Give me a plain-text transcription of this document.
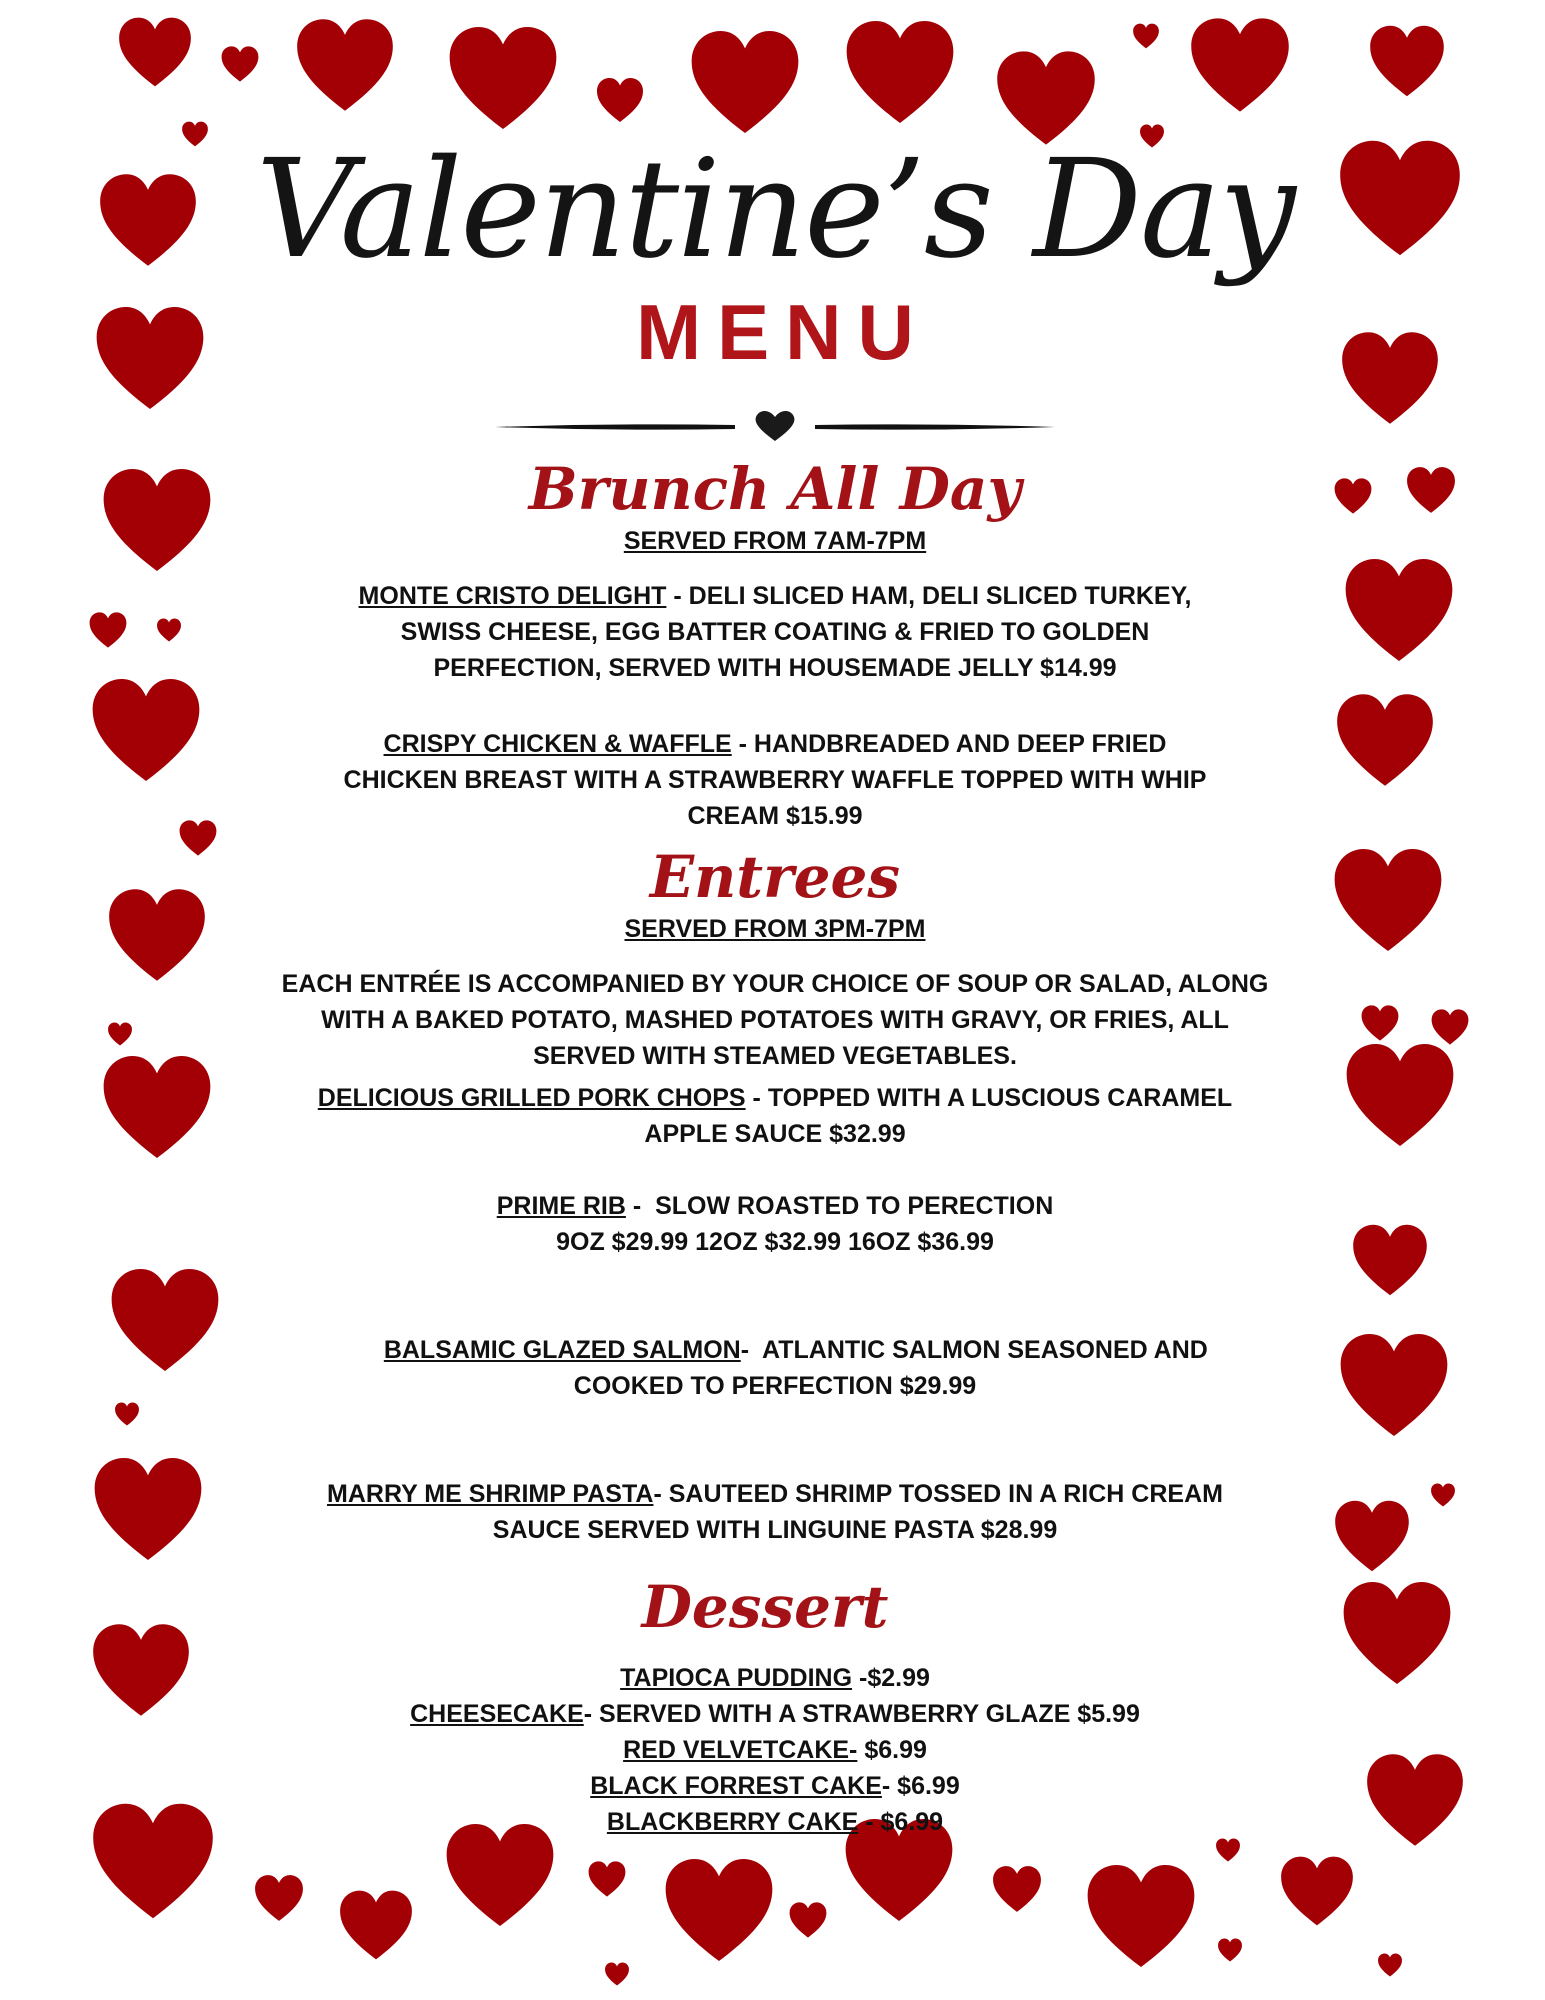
Valentine’s Day
MENU
Brunch All Day
SERVED FROM 7AM-7PM
MONTE CRISTO DELIGHT - DELI SLICED HAM, DELI SLICED TURKEY, SWISS CHEESE, EGG BATTER COATING & FRIED TO GOLDEN PERFECTION, SERVED WITH HOUSEMADE JELLY $14.99
CRISPY CHICKEN & WAFFLE - HANDBREADED AND DEEP FRIED CHICKEN BREAST WITH A STRAWBERRY WAFFLE TOPPED WITH WHIP CREAM $15.99
Entrees
SERVED FROM 3PM-7PM
EACH ENTRÉE IS ACCOMPANIED BY YOUR CHOICE OF SOUP OR SALAD, ALONG WITH A BAKED POTATO, MASHED POTATOES WITH GRAVY, OR FRIES, ALL SERVED WITH STEAMED VEGETABLES.
DELICIOUS GRILLED PORK CHOPS - TOPPED WITH A LUSCIOUS CARAMEL APPLE SAUCE $32.99
PRIME RIB -  SLOW ROASTED TO PERECTION
9OZ $29.99 12OZ $32.99 16OZ $36.99

BALSAMIC GLAZED SALMON-  ATLANTIC SALMON SEASONED AND COOKED TO PERFECTION $29.99

MARRY ME SHRIMP PASTA- SAUTEED SHRIMP TOSSED IN A RICH CREAM SAUCE SERVED WITH LINGUINE PASTA $28.99
Dessert
TAPIOCA PUDDING -$2.99
CHEESECAKE- SERVED WITH A STRAWBERRY GLAZE $5.99
RED VELVETCAKE- $6.99
BLACK FORREST CAKE- $6.99
BLACKBERRY CAKE - $6.99
